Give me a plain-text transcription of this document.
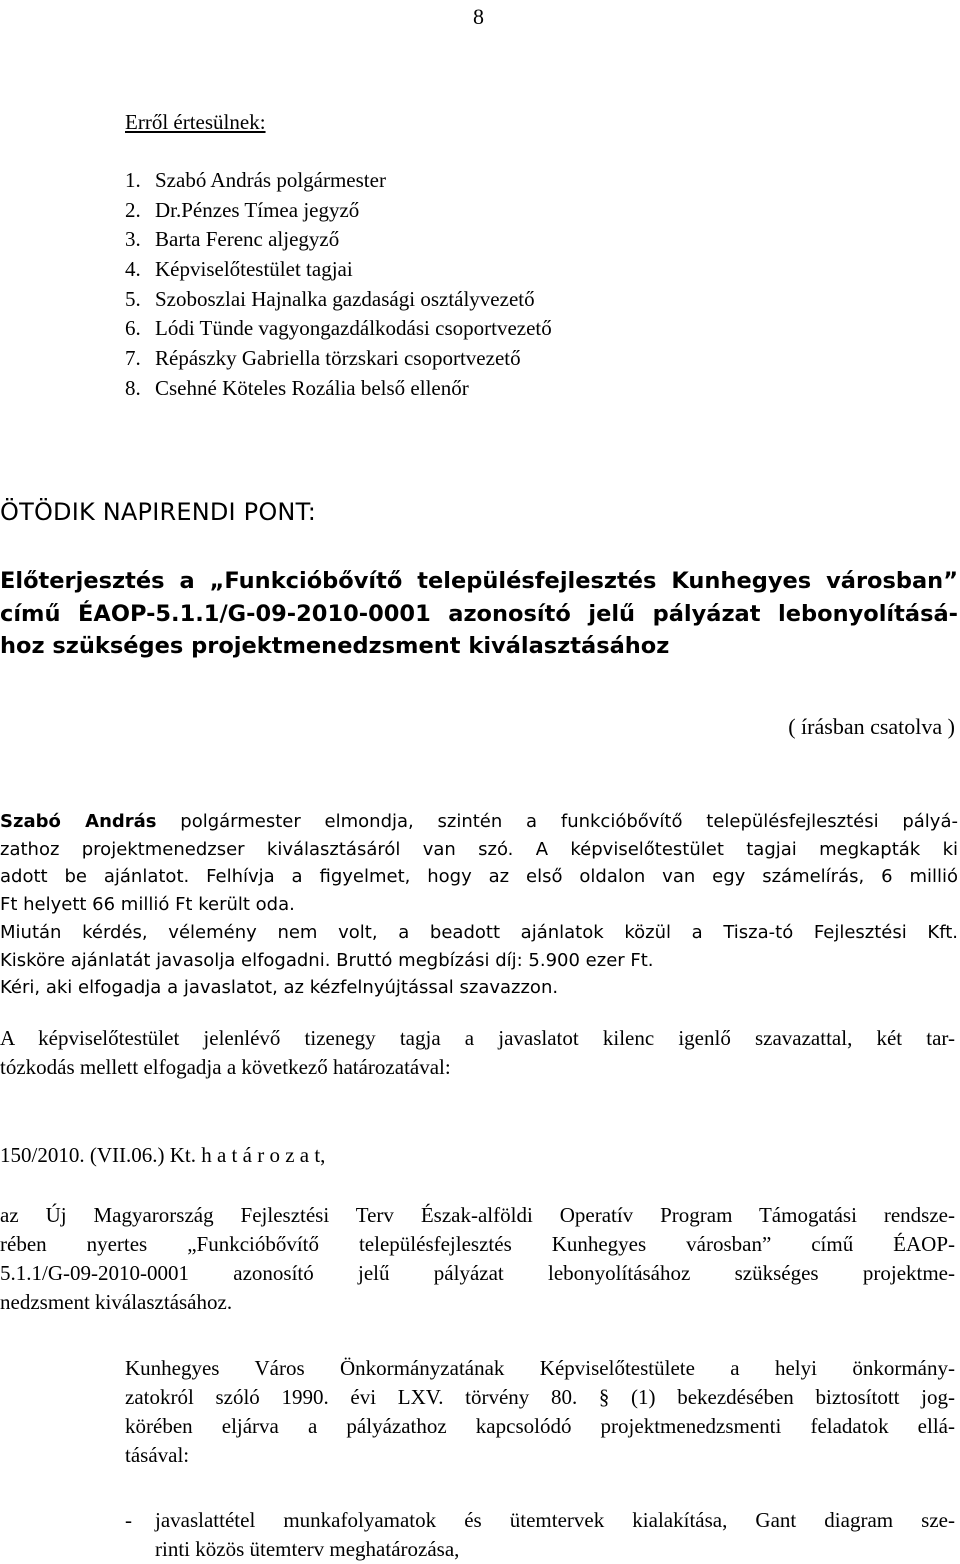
8
Erről értesülnek:
1. Szabó András polgármester
2. Dr.Pénzes Tímea jegyző
3. Barta Ferenc aljegyző
4. Képviselőtestület tagjai
5. Szoboszlai Hajnalka gazdasági osztályvezető
6. Lódi Tünde vagyongazdálkodási csoportvezető
7. Répászky Gabriella törzskari csoportvezető
8. Csehné Köteles Rozália belső ellenőr
ÖTÖDIK NAPIRENDI PONT:
Előterjesztés a „Funkcióbővítő településfejlesztés Kunhegyes városban”
című ÉAOP-5.1.1/G-09-2010-0001 azonosító jelű pályázat lebonyolításá-
hoz szükséges projektmenedzsment kiválasztásához
( írásban csatolva )
Szabó András polgármester elmondja, szintén a funkcióbővítő településfejlesztési pályá-
zathoz projektmenedzser kiválasztásáról van szó. A képviselőtestület tagjai megkapták ki
adott be ajánlatot. Felhívja a figyelmet, hogy az első oldalon van egy számelírás, 6 millió
Ft helyett 66 millió Ft került oda.
Miután kérdés, vélemény nem volt, a beadott ajánlatok közül a Tisza-tó Fejlesztési Kft.
Kisköre ajánlatát javasolja elfogadni. Bruttó megbízási díj: 5.900 ezer Ft.
Kéri, aki elfogadja a javaslatot, az kézfelnyújtással szavazzon.
A képviselőtestület jelenlévő tizenegy tagja a javaslatot kilenc igenlő szavazattal, két tar-
tózkodás mellett elfogadja a következő határozatával:
150/2010. (VII.06.) Kt. h a t á r o z a t,
az Új Magyarország Fejlesztési Terv Észak-alföldi Operatív Program Támogatási rendsze-
rében nyertes „Funkcióbővítő településfejlesztés Kunhegyes városban” című ÉAOP-
5.1.1/G-09-2010-0001 azonosító jelű pályázat lebonyolításához szükséges projektme-
nedzsment kiválasztásához.
Kunhegyes Város Önkormányzatának Képviselőtestülete a helyi önkormány-
zatokról szóló 1990. évi LXV. törvény 80. § (1) bekezdésében biztosított jog-
körében eljárva a pályázathoz kapcsolódó projektmenedzsmenti feladatok ellá-
tásával:
- javaslattétel munkafolyamatok és ütemtervek kialakítása, Gant diagram sze-
rinti közös ütemterv meghatározása,
